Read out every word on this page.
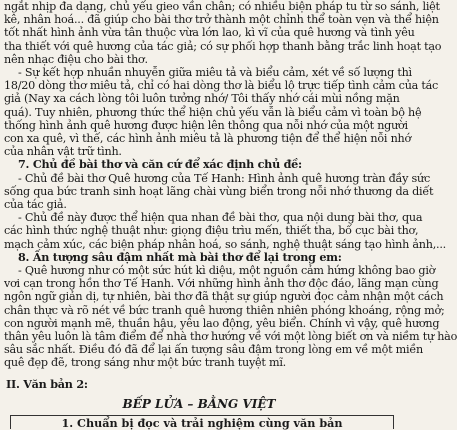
ngắt nhịp đa dạng, chủ yếu gieo vần chân; có nhiều biện pháp tu từ so sánh, liệt
kê, nhân hoá... đã giúp cho bài thơ trở thành một chỉnh thể toàn vẹn và thể hiện
tốt nhất hình ảnh vừa tân thuộc vừa lớn lao, kì vĩ của quê hương và tình yêu
tha thiết với quê hương của tác giả; có sự phối hợp thanh bằng trắc linh hoạt tạo
nên nhạc điệu cho bài thơ.
- Sự kết hợp nhuần nhuyễn giữa miêu tả và biểu cảm, xét về số lượng thì
18/20 dòng thơ miêu tả, chỉ có hai dòng thơ là biểu lộ trực tiếp tình cảm của tác
giả (Nay xa cách lòng tôi luôn tưởng nhớ/ Tôi thấy nhớ cái mùi nồng mặn
quá). Tuy nhiên, phương thức thể hiện chủ yếu vẫn là biểu cảm vì toàn bộ hệ
thống hình ảnh quê hương được hiện lên thông qua nỗi nhớ của một người
con xa quê, vì thế, các hình ảnh miêu tả là phương tiện để thể hiện nỗi nhớ
của nhân vật trữ tình.
7. Chủ đề bài thơ và căn cứ để xác định chủ đề:
- Chủ đề bài thơ Quê hương của Tế Hanh: Hình ảnh quê hương tràn đầy sức
sống qua bức tranh sinh hoạt lãng chài vùng biển trong nỗi nhớ thương da diết
của tác giả.
- Chủ đề này được thể hiện qua nhan đề bài thơ, qua nội dung bài thơ, qua
các hình thức nghệ thuật như: giọng điệu trìu mến, thiết tha, bố cục bài thơ,
mạch cảm xúc, các biện pháp nhân hoá, so sánh, nghệ thuật sáng tạo hình ảnh,...
8. Ấn tượng sâu đậm nhất mà bài thơ để lại trong em:
- Quê hương như có một sức hút kì diệu, một nguồn cảm hứng không bao giờ
vơi cạn trong hồn thơ Tế Hanh. Với những hình ảnh thơ độc đáo, lãng mạn cùng
ngôn ngữ giản dị, tự nhiên, bài thơ đã thật sự giúp người đọc cảm nhận một cách
chân thực và rõ nét về bức tranh quê hương thiên nhiên phóng khoáng, rộng mở;
con người mạnh mẽ, thuần hậu, yêu lao động, yêu biển. Chính vì vậy, quê hương
thân yêu luôn là tâm điểm để nhà thơ hướng về với một lòng biết ơn và niềm tự hào
sâu sắc nhất. Điều đó đã để lại ấn tượng sâu đậm trong lòng em về một miền
quê đẹp đẽ, trong sáng như một bức tranh tuyệt mĩ.
II. Văn bản 2:
BẾP LỬA – BẰNG VIỆT
1. Chuẩn bị đọc và trải nghiệm cùng văn bản
